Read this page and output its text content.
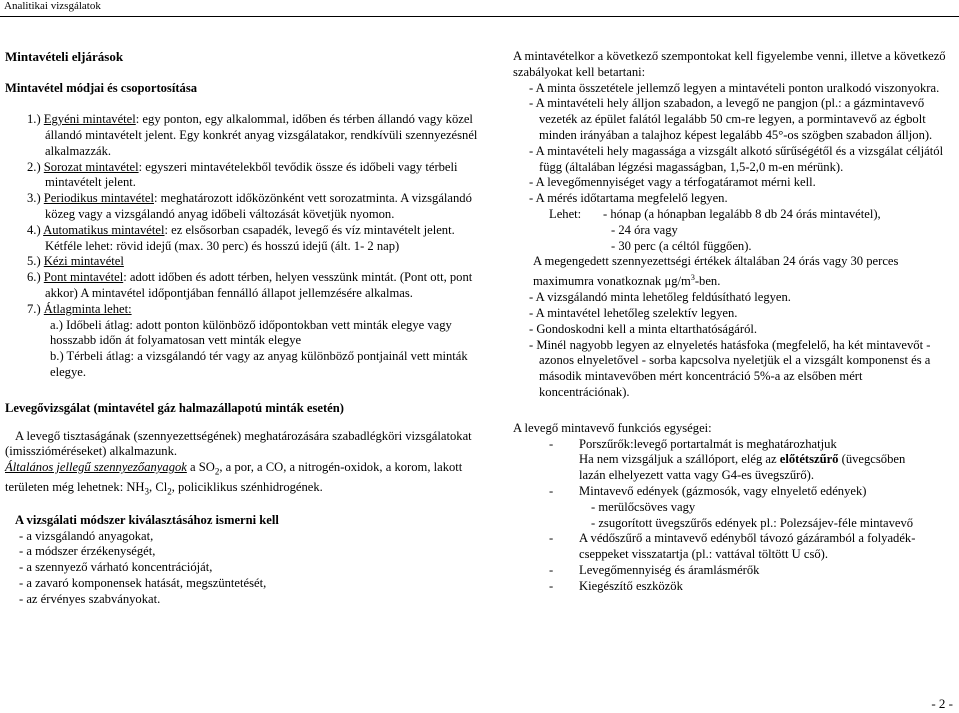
Analitikai vizsgálatok

Mintavételi eljárások

Mintavétel módjai és csoportosítása

1.) Egyéni mintavétel: egy ponton, egy alkalommal, időben és térben állandó vagy közel állandó mintavételt jelent. Egy konkrét anyag vizsgálatakor, rendkívüli szennyezésnél alkalmazzák.
2.) Sorozat mintavétel: egyszeri mintavételekből tevődik össze és időbeli vagy térbeli mintavételt jelent.
3.) Periodikus mintavétel: meghatározott időközönként vett sorozatminta. A vizsgálandó közeg vagy a vizsgálandó anyag időbeli változását követjük nyomon.
4.) Automatikus mintavétel: ez elsősorban csapadék, levegő és víz mintavételt jelent. Kétféle lehet: rövid idejű (max. 30 perc) és hosszú idejű (ált. 1- 2 nap)
5.) Kézi mintavétel
6.) Pont mintavétel: adott időben és adott térben, helyen vesszünk mintát. (Pont ott, pont akkor) A mintavétel időpontjában fennálló állapot jellemzésére alkalmas.
7.) Átlagminta lehet:

a.) Időbeli átlag: adott ponton különböző időpontokban vett minták elegye vagy hosszabb időn át folyamatosan vett minták elegye

b.) Térbeli átlag: a vizsgálandó tér vagy az anyag különböző pontjainál vett minták elegye.

Levegővizsgálat (mintavétel gáz halmazállapotú minták esetén)

A levegő tisztaságának (szennyezettségének) meghatározására szabadlégköri vizsgálatokat (imisszióméréseket) alkalmazunk.

Általános jellegű szennyezőanyagok a $SO_2$, a por, a CO, a nitrogén-oxidok, a korom, lakott területen még lehetnek: $NH_3$, $Cl_2$, policiklikus szénhidrogének.

A vizsgálati módszer kiválasztásához ismerni kell

- a vizsgálandó anyagokat,

- a módszer érzékenységét,

- a szennyező várható koncentrációját,

- a zavaró komponensek hatását, megszüntetését,

- az érvényes szabványokat.

A mintavételkor a következő szempontokat kell figyelembe venni, illetve a következő szabályokat kell betartani:

- A minta összetétele jellemző legyen a mintavételi ponton uralkodó viszonyokra.

- A mintavételi hely álljon szabadon, a levegő ne pangjon (pl.: a gázmintavevő vezeték az épület falától legalább 50 cm-re legyen, a pormintavevő az égbolt minden irányában a talajhoz képest legalább 45°-os szögben szabadon álljon).

- A mintavételi hely magassága a vizsgált alkotó sűrűségétől és a vizsgálat céljától függ (általában légzési magasságban, 1,5-2,0 m-en mérünk).

- A levegőmennyiséget vagy a térfogatáramot mérni kell.

- A mérés időtartama megfelelő legyen.

Lehet:	- hónap (a hónapban legalább 8 db 24 órás mintavétel),
- 24 óra vagy
- 30 perc (a céltól függően).

A megengedett szennyezettségi értékek általában 24 órás vagy 30 perces maximumra vonatkoznak $\mu g/m^3$-ben.

- A vizsgálandó minta lehetőleg feldúsítható legyen.

- A mintavétel lehetőleg szelektív legyen.

- Gondoskodni kell a minta eltarthatóságáról.

- Minél nagyobb legyen az elnyeletés hatásfoka (megfelelő, ha két mintavevőt - azonos elnyeletővel - sorba kapcsolva nyeletjük el a vizsgált komponenst és a második mintavevőben mért koncentráció 5%-a az elsőben mért koncentrációnak).

A levegő mintavevő funkciós egységei:

-	Porszűrők:levegő portartalmát is meghatározhatjuk
Ha nem vizsgáljuk a szállóport, elég az előtétszűrő (üvegcsőben
lazán elhelyezett vatta vagy G4-es üvegszűrő).
-	Mintavevő edények (gázmosók, vagy elnyelető edények)
- merülőcsöves vagy
- zsugorított üvegszűrős edények pl.: Polezsájev-féle mintavevő
-	A védőszűrő a mintavevő edényből távozó gázáramból a folyadék-cseppeket visszatartja (pl.: vattával töltött U cső).
-	Levegőmennyiség és áramlásmérők
-	Kiegészítő eszközök
- 2 -
